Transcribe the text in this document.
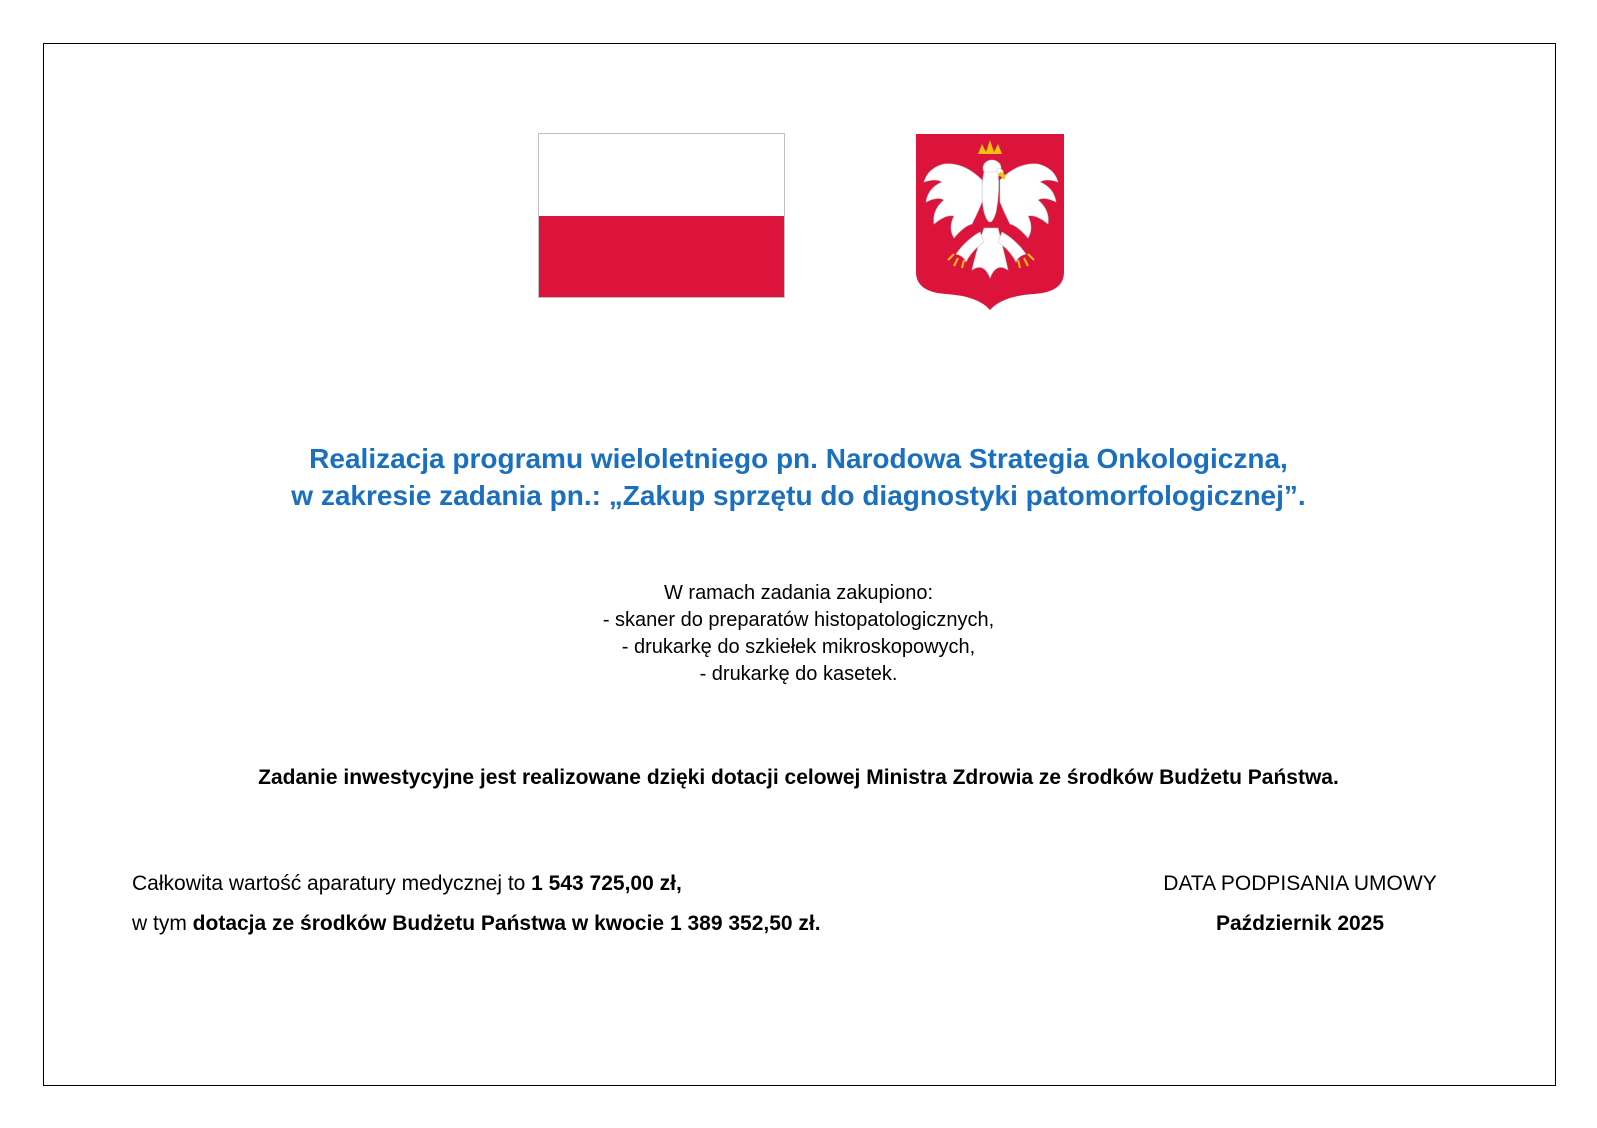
Realizacja programu wieloletniego pn. Narodowa Strategia Onkologiczna,
w zakresie zadania pn.: „Zakup sprzętu do diagnostyki patomorfologicznej”.
W ramach zadania zakupiono:
- skaner do preparatów histopatologicznych,
- drukarkę do szkiełek mikroskopowych,
- drukarkę do kasetek.
Zadanie inwestycyjne jest realizowane dzięki dotacji celowej Ministra Zdrowia ze środków Budżetu Państwa.
Całkowita wartość aparatury medycznej to 1 543 725,00 zł,
w tym dotacja ze środków Budżetu Państwa w kwocie 1 389 352,50 zł.
DATA PODPISANIA UMOWY
Październik 2025
